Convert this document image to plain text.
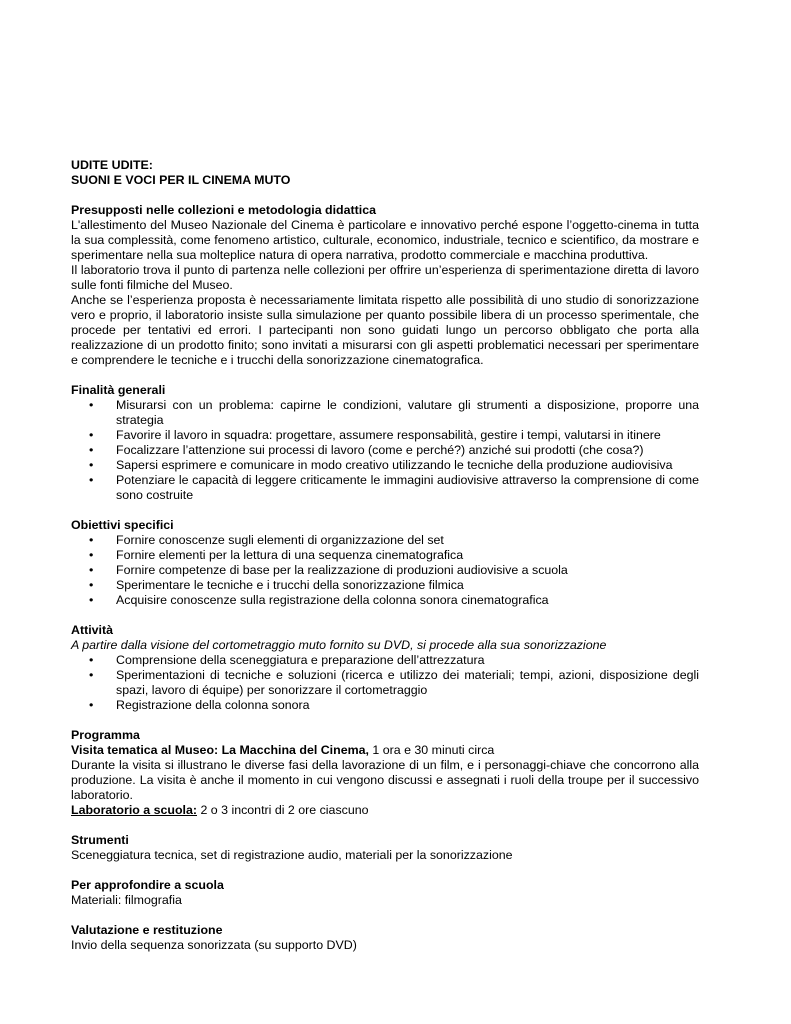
UDITE UDITE:
SUONI E VOCI PER IL CINEMA MUTO
Presupposti nelle collezioni e metodologia didattica

L'allestimento del Museo Nazionale del Cinema è particolare e innovativo perché espone l’oggetto-cinema in tutta la sua complessità, come fenomeno artistico, culturale, economico, industriale, tecnico e scientifico, da mostrare e sperimentare nella sua molteplice natura di opera narrativa, prodotto commerciale e macchina produttiva.

Il laboratorio trova il punto di partenza nelle collezioni per offrire un’esperienza di sperimentazione diretta di lavoro sulle fonti filmiche del Museo.

Anche se l’esperienza proposta è necessariamente limitata rispetto alle possibilità di uno studio di sonorizzazione vero e proprio, il laboratorio insiste sulla simulazione per quanto possibile libera di un processo sperimentale, che procede per tentativi ed errori. I partecipanti non sono guidati lungo un percorso obbligato che porta alla realizzazione di un prodotto finito; sono invitati a misurarsi con gli aspetti problematici necessari per sperimentare e comprendere le tecniche e i trucchi della sonorizzazione cinematografica.

Finalità generali
• Misurarsi con un problema: capirne le condizioni, valutare gli strumenti a disposizione, proporre una strategia
• Favorire il lavoro in squadra: progettare, assumere responsabilità, gestire i tempi, valutarsi in itinere
• Focalizzare l’attenzione sui processi di lavoro (come e perché?) anziché sui prodotti (che cosa?)
• Sapersi esprimere e comunicare in modo creativo utilizzando le tecniche della produzione audiovisiva
• Potenziare le capacità di leggere criticamente le immagini audiovisive attraverso la comprensione di come sono costruite
Obiettivi specifici
• Fornire conoscenze sugli elementi di organizzazione del set
• Fornire elementi per la lettura di una sequenza cinematografica
• Fornire competenze di base per la realizzazione di produzioni audiovisive a scuola
• Sperimentare le tecniche e i trucchi della sonorizzazione filmica
• Acquisire conoscenze sulla registrazione della colonna sonora cinematografica
Attività

A partire dalla visione del cortometraggio muto fornito su DVD, si procede alla sua sonorizzazione

• Comprensione della sceneggiatura e preparazione dell’attrezzatura
• Sperimentazioni di tecniche e soluzioni (ricerca e utilizzo dei materiali; tempi, azioni, disposizione degli spazi, lavoro di équipe) per sonorizzare il cortometraggio
• Registrazione della colonna sonora
Programma

Visita tematica al Museo: La Macchina del Cinema, 1 ora e 30 minuti circa

Durante la visita si illustrano le diverse fasi della lavorazione di un film, e i personaggi-chiave che concorrono alla produzione. La visita è anche il momento in cui vengono discussi e assegnati i ruoli della troupe per il successivo laboratorio.

Laboratorio a scuola: 2 o 3 incontri di 2 ore ciascuno

Strumenti

Sceneggiatura tecnica, set di registrazione audio, materiali per la sonorizzazione

Per approfondire a scuola

Materiali: filmografia

Valutazione e restituzione

Invio della sequenza sonorizzata (su supporto DVD)
